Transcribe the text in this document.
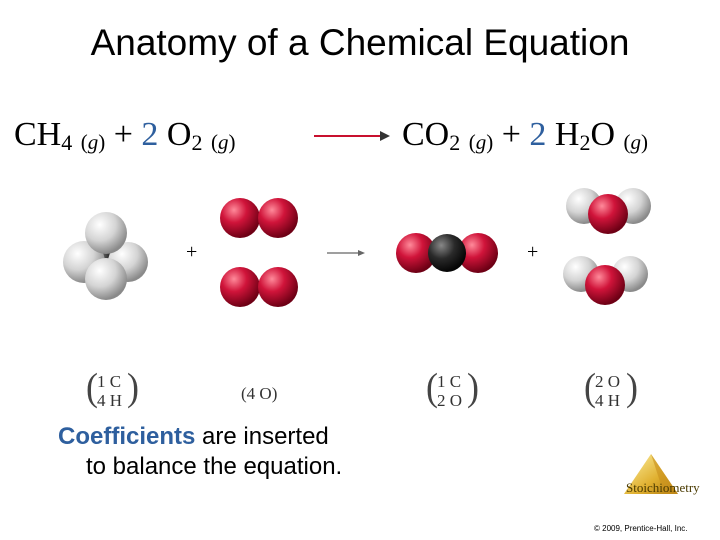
Anatomy of a Chemical Equation
$CH_4$ (g) + 2 $O_2$ (g)	$CO_2$ (g) + 2 $H_2O$ (g)
+	+
( 1 C
4 H )	(4 O)	( 1 C
2 O )	( 2 O
4 H )
Coefficients are inserted
to balance the equation.
Stoichiometry
© 2009, Prentice-Hall, Inc.
